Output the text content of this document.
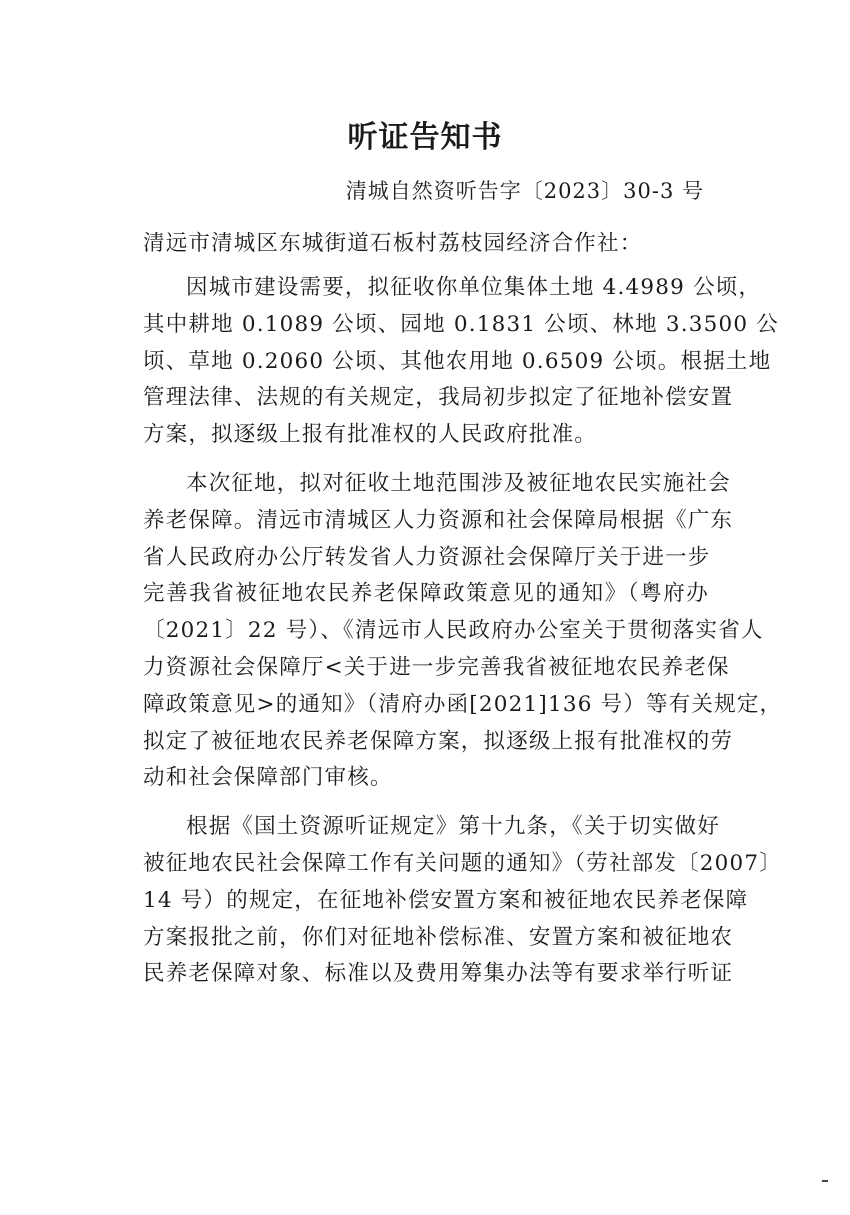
听证告知书
清城自然资听告字〔2023〕30-3 号
清远市清城区东城街道石板村荔枝园经济合作社：
因城市建设需要，拟征收你单位集体土地 4.4989 公顷，
其中耕地 0.1089 公顷、园地 0.1831 公顷、林地 3.3500 公
顷、草地 0.2060 公顷、其他农用地 0.6509 公顷。根据土地
管理法律、法规的有关规定，我局初步拟定了征地补偿安置
方案，拟逐级上报有批准权的人民政府批准。
本次征地，拟对征收土地范围涉及被征地农民实施社会
养老保障。清远市清城区人力资源和社会保障局根据《广东
省人民政府办公厅转发省人力资源社会保障厅关于进一步
完善我省被征地农民养老保障政策意见的通知》（粤府办
〔2021〕22 号）、《清远市人民政府办公室关于贯彻落实省人
力资源社会保障厅<关于进一步完善我省被征地农民养老保
障政策意见>的通知》（清府办函[2021]136 号）等有关规定，
拟定了被征地农民养老保障方案，拟逐级上报有批准权的劳
动和社会保障部门审核。
根据《国土资源听证规定》第十九条，《关于切实做好
被征地农民社会保障工作有关问题的通知》（劳社部发〔2007〕
14 号）的规定，在征地补偿安置方案和被征地农民养老保障
方案报批之前，你们对征地补偿标准、安置方案和被征地农
民养老保障对象、标准以及费用筹集办法等有要求举行听证
